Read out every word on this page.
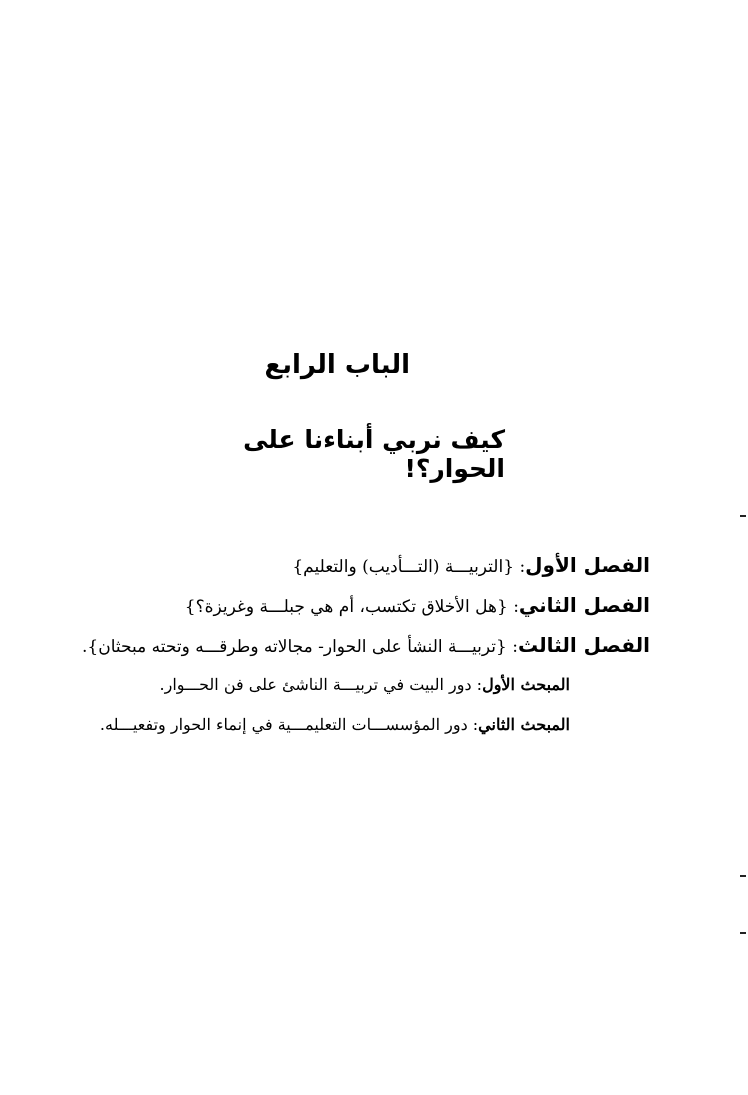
الباب الرابع
كيف نربي أبناءنا على الحوار؟!
الفصل الأول: {التربيـــة (التـــأديب) والتعليم}
الفصل الثاني: {هل الأخلاق تكتسب، أم هي جبلـــة وغريزة؟}
الفصل الثالث: {تربيـــة النشأ على الحوار- مجالاته وطرقـــه وتحته مبحثان}.
المبحث الأول: دور البيت في تربيـــة الناشئ على فن الحـــوار.
المبحث الثاني: دور المؤسســـات التعليمـــية في إنماء الحوار وتفعيـــله.
